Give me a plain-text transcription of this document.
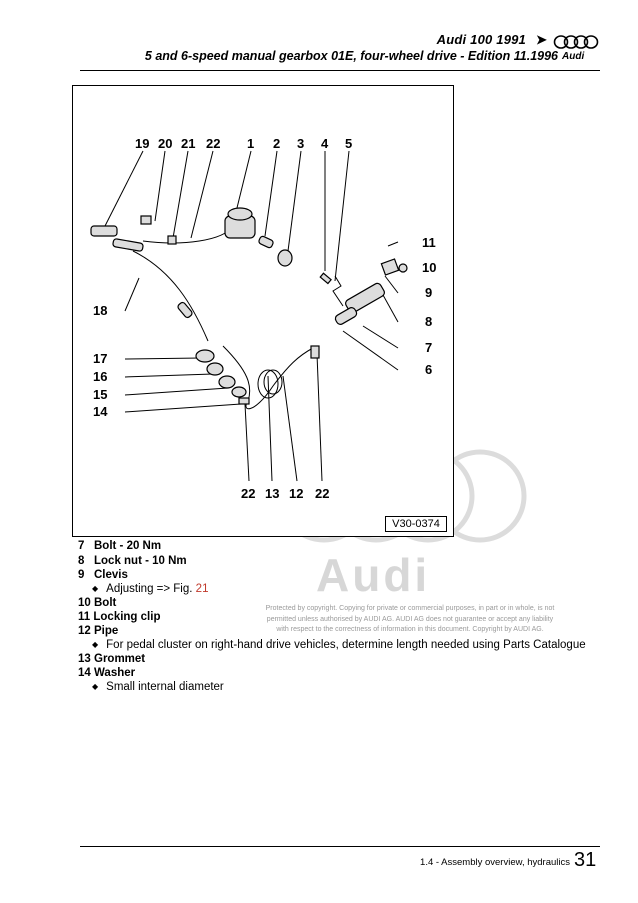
Audi 100 1991 ➤
5 and 6-speed manual gearbox 01E, four-wheel drive - Edition 11.1996 Audi
Audi
19 20 21 22 1 2 3 4 5
11
10
9
8
7
6
18
17
16
15
14
22 13 12 22
V30-0374
7 Bolt - 20 Nm
8 Lock nut - 10 Nm
9 Clevis
◆ Adjusting => Fig. 21
10 Bolt
11 Locking clip
12 Pipe
◆ For pedal cluster on right-hand drive vehicles, determine length needed using Parts Catalogue
13 Grommet
14 Washer
◆ Small internal diameter
Protected by copyright. Copying for private or commercial purposes, in part or in whole, is not
permitted unless authorised by AUDI AG. AUDI AG does not guarantee or accept any liability
with respect to the correctness of information in this document. Copyright by AUDI AG.
1.4 - Assembly overview, hydraulics 31
